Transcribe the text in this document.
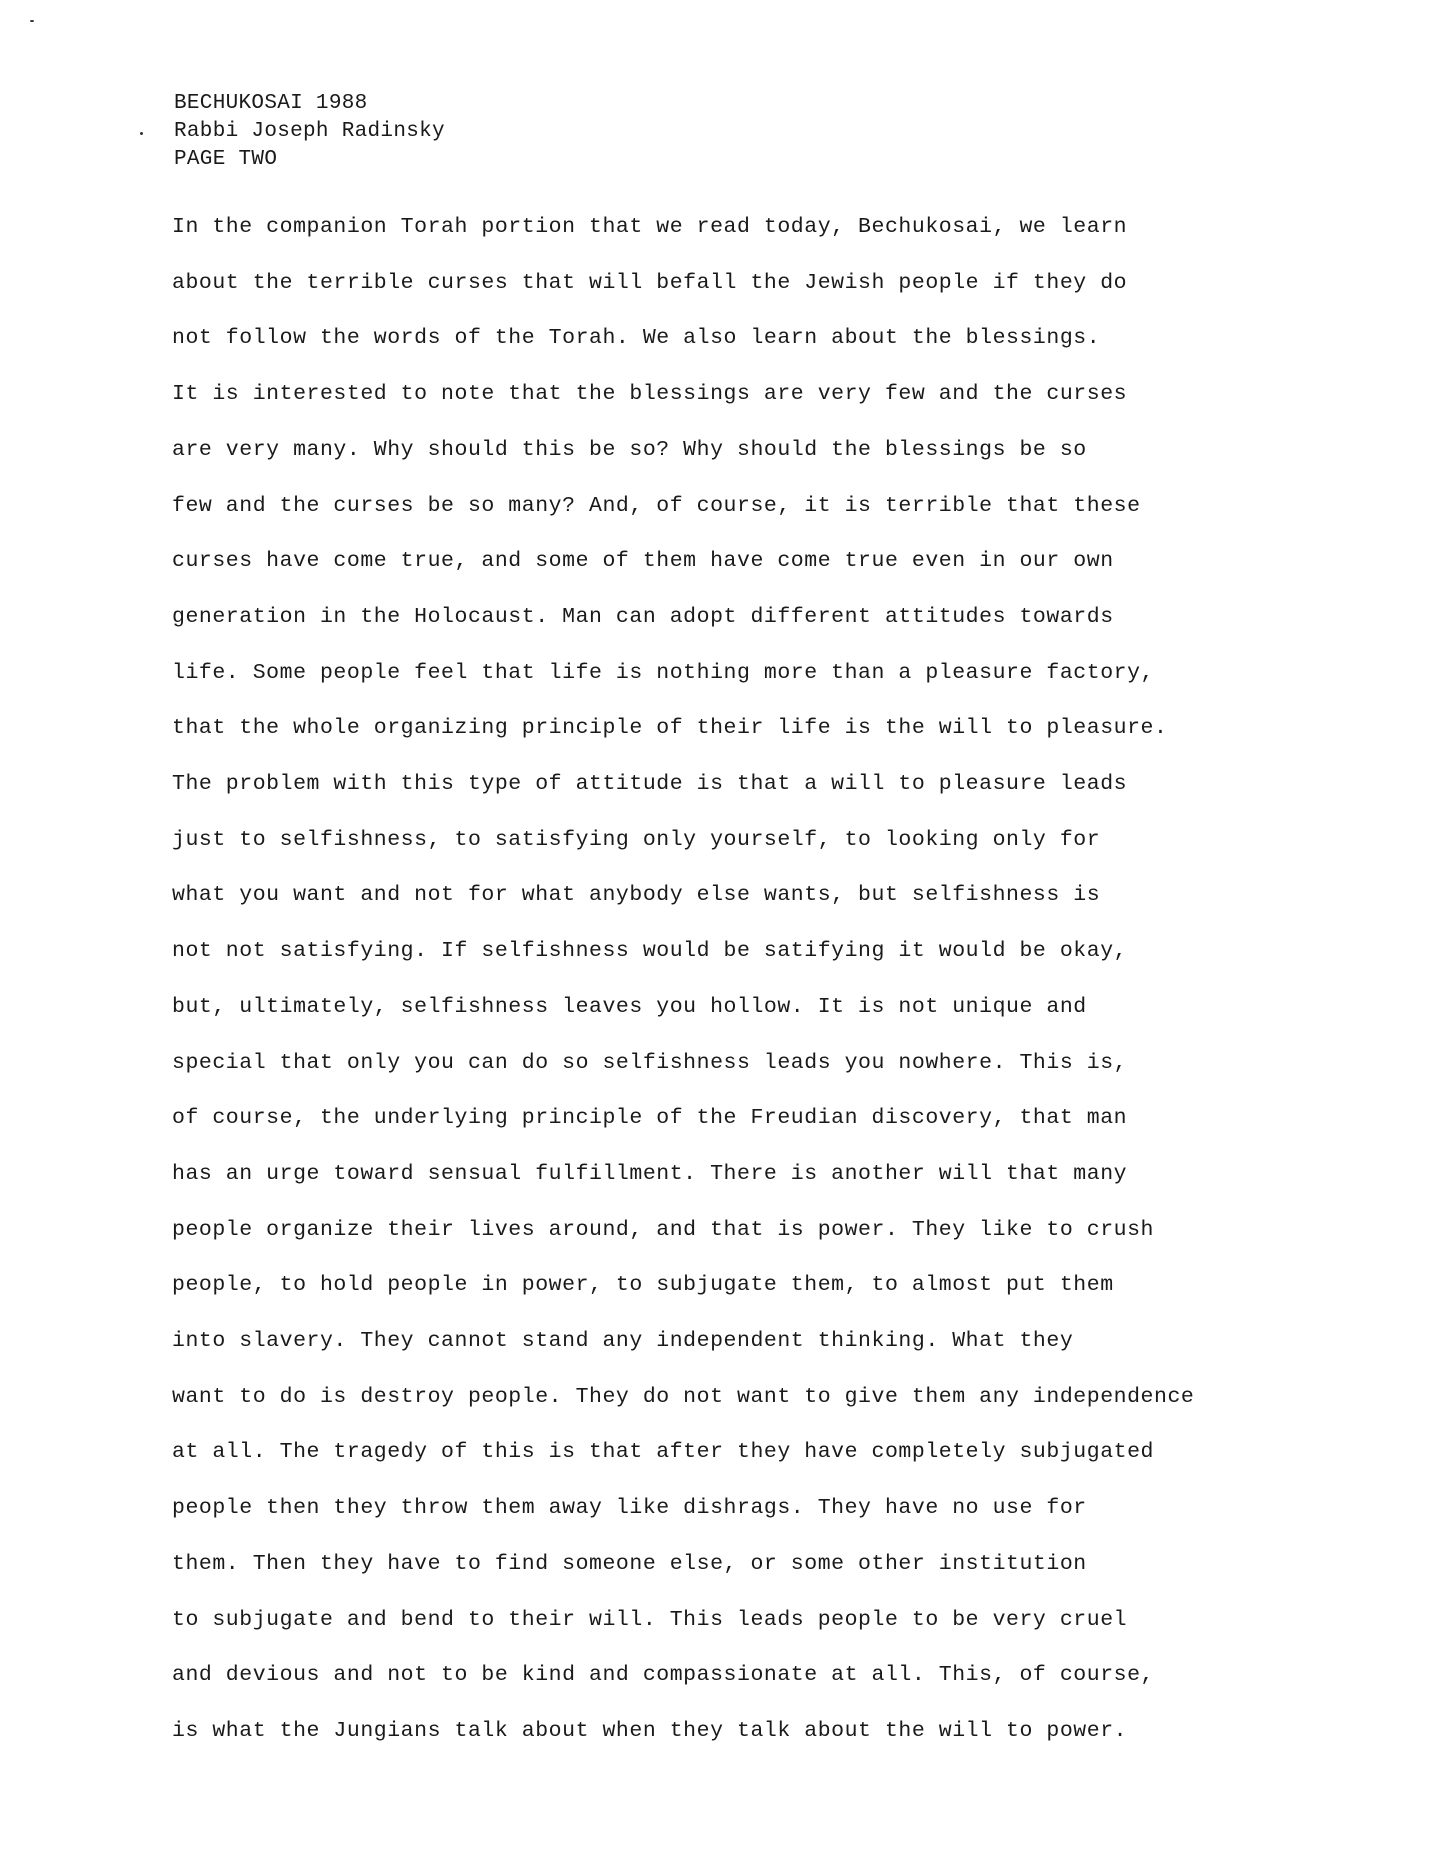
BECHUKOSAI 1988
Rabbi Joseph Radinsky
PAGE TWO
In the companion Torah portion that we read today, Bechukosai, we learn
about the terrible curses that will befall the Jewish people if they do
not follow the words of the Torah. We also learn about the blessings.
It is interested to note that the blessings are very few and the curses
are very many. Why should this be so? Why should the blessings be so
few and the curses be so many? And, of course, it is terrible that these
curses have come true, and some of them have come true even in our own
generation in the Holocaust. Man can adopt different attitudes towards
life. Some people feel that life is nothing more than a pleasure factory,
that the whole organizing principle of their life is the will to pleasure.
The problem with this type of attitude is that a will to pleasure leads
just to selfishness, to satisfying only yourself, to looking only for
what you want and not for what anybody else wants, but selfishness is
not not satisfying. If selfishness would be satifying it would be okay,
but, ultimately, selfishness leaves you hollow. It is not unique and
special that only you can do so selfishness leads you nowhere. This is,
of course, the underlying principle of the Freudian discovery, that man
has an urge toward sensual fulfillment. There is another will that many
people organize their lives around, and that is power. They like to crush
people, to hold people in power, to subjugate them, to almost put them
into slavery. They cannot stand any independent thinking. What they
want to do is destroy people. They do not want to give them any independence
at all. The tragedy of this is that after they have completely subjugated
people then they throw them away like dishrags. They have no use for
them. Then they have to find someone else, or some other institution
to subjugate and bend to their will. This leads people to be very cruel
and devious and not to be kind and compassionate at all. This, of course,
is what the Jungians talk about when they talk about the will to power.
